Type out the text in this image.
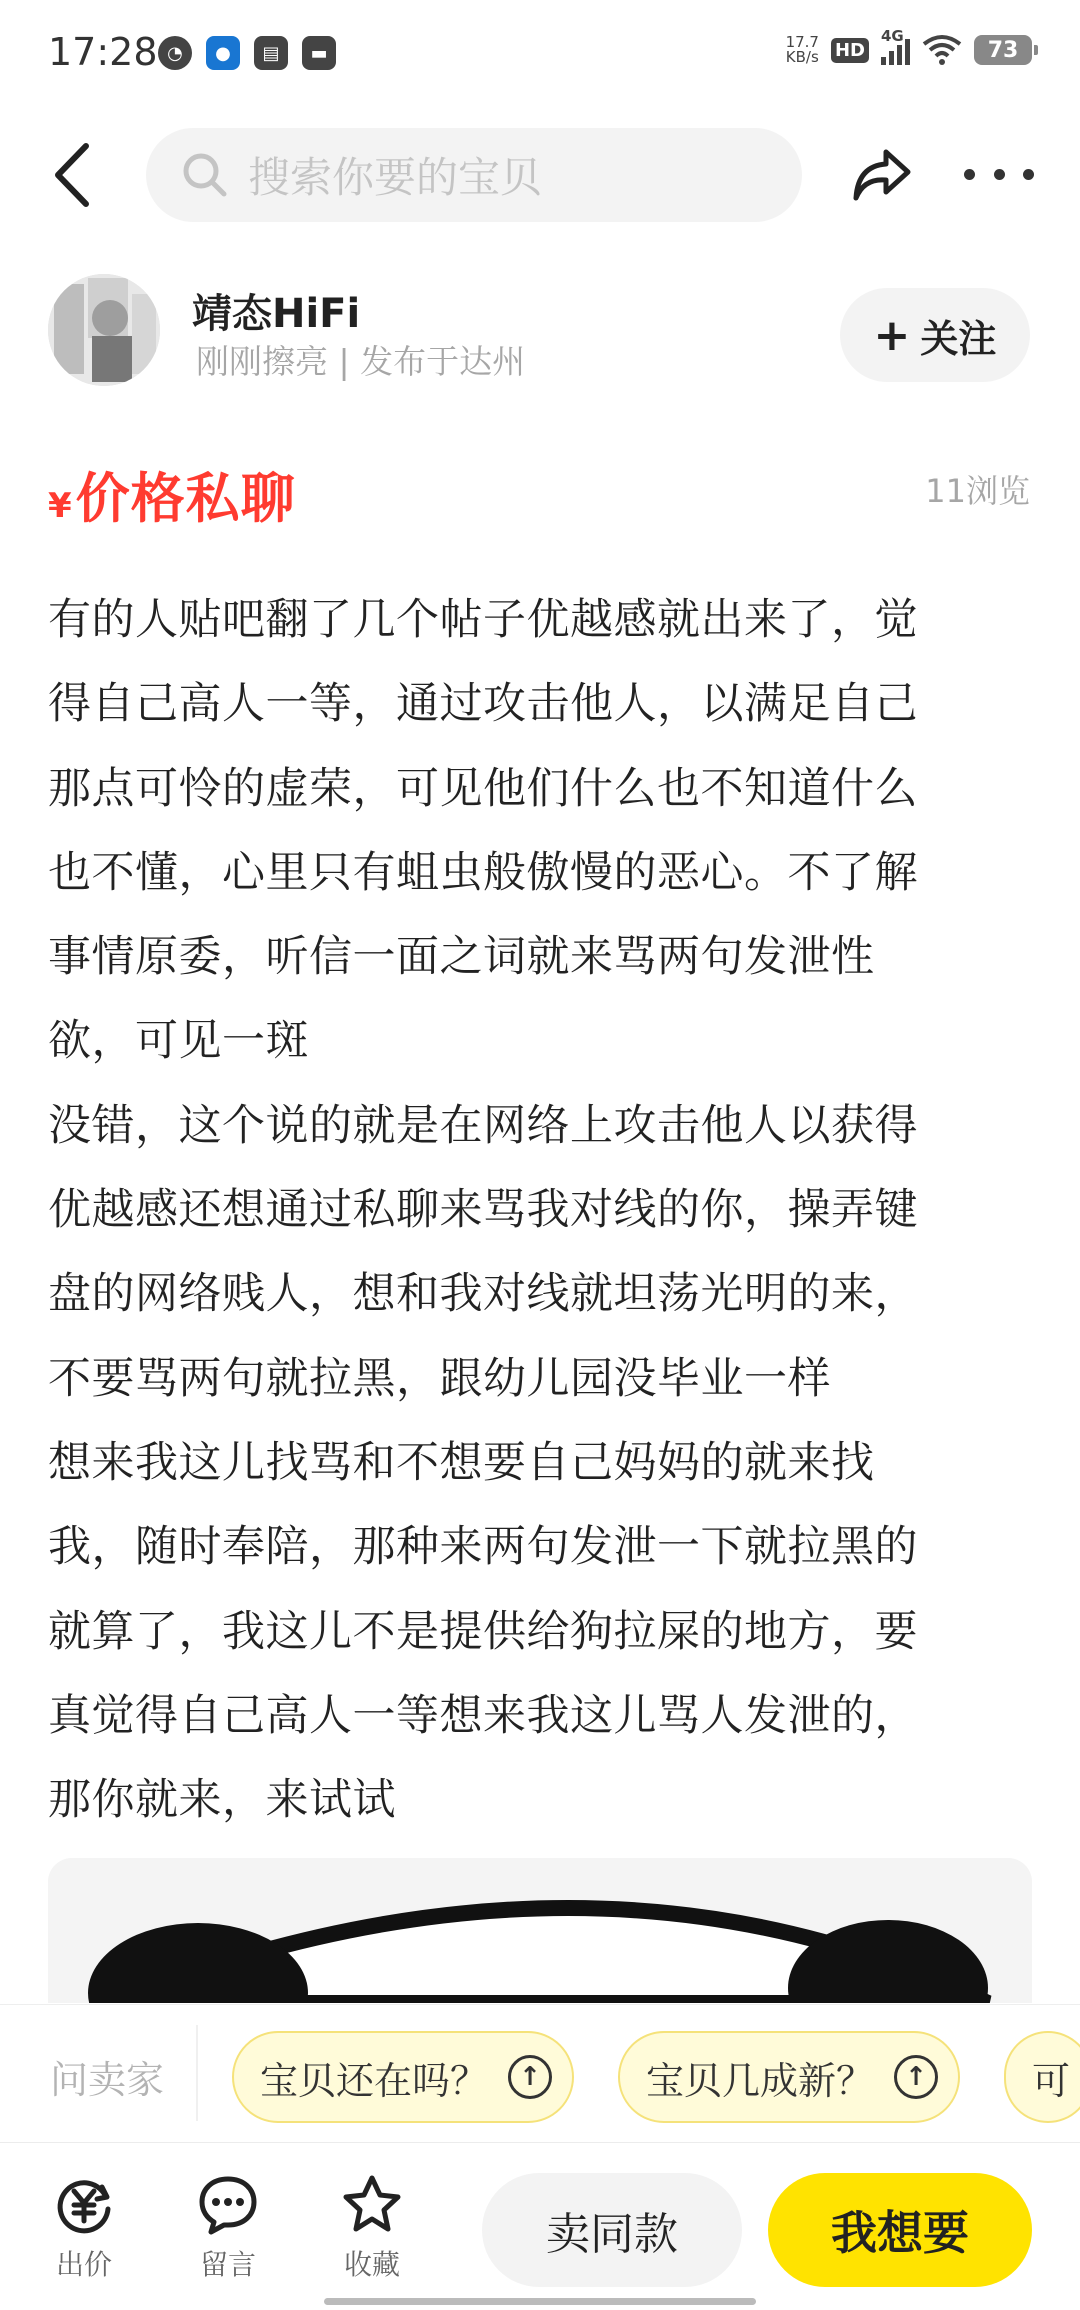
17:28 ◔	●	▤	▬
17.7
KB/s HD
4G
73
搜索你要的宝贝
靖态HiFi
刚刚擦亮 | 发布于达州
+ 关注
¥ 价格私聊	11浏览
有的人贴吧翻了几个帖子优越感就出来了，觉
得自己高人一等，通过攻击他人，以满足自己
那点可怜的虚荣，可见他们什么也不知道什么
也不懂，心里只有蛆虫般傲慢的恶心。不了解
事情原委，听信一面之词就来骂两句发泄性
欲，可见一斑
没错，这个说的就是在网络上攻击他人以获得
优越感还想通过私聊来骂我对线的你，操弄键
盘的网络贱人，想和我对线就坦荡光明的来，
不要骂两句就拉黑，跟幼儿园没毕业一样
想来我这儿找骂和不想要自己妈妈的就来找
我，随时奉陪，那种来两句发泄一下就拉黑的
就算了，我这儿不是提供给狗拉屎的地方，要
真觉得自己高人一等想来我这儿骂人发泄的，
那你就来，来试试
问卖家	宝贝还在吗？	↑	宝贝几成新？	↑	可
出价	留言	收藏
卖同款	我想要
